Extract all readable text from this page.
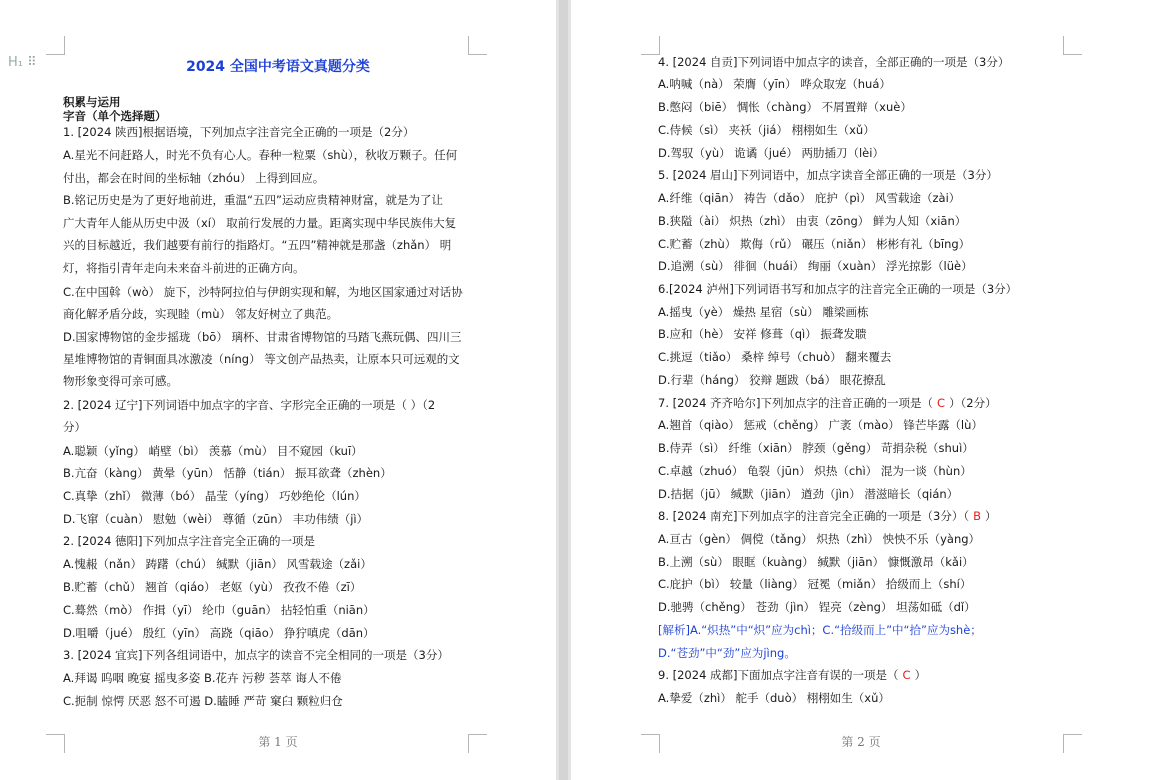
H₁ ⠿	2024 全国中考语文真题分类
积累与运用
字音（单个选择题）
1. [2024 陕西]根据语境，下列加点字注音完全正确的一项是（2分）
A.星光不问赶路人，时光不负有心人。春种一粒粟（shù），秋收万颗子。任何
付出，都会在时间的坐标轴（zhóu） 上得到回应。
B.铭记历史是为了更好地前进，重温“五四”运动应贵精神财富，就是为了让
广大青年人能从历史中汲（xí） 取前行发展的力量。距离实现中华民族伟大复
兴的目标越近，我们越要有前行的指路灯。“五四”精神就是那盏（zhǎn） 明
灯，将指引青年走向未来奋斗前进的正确方向。
C.在中国斡（wò） 旋下，沙特阿拉伯与伊朗实现和解，为地区国家通过对话协
商化解矛盾分歧，实现睦（mù） 邻友好树立了典范。
D.国家博物馆的金步摇珑（bō） 璃杯、甘肃省博物馆的马踏飞燕玩偶、四川三
星堆博物馆的青铜面具冰激凌（níng） 等文创产品热卖，让原本只可远观的文
物形象变得可亲可感。
2. [2024 辽宁]下列词语中加点字的字音、字形完全正确的一项是（ ）（2
分）
A.聪颖（yǐng） 峭壁（bì） 羡慕（mù） 目不窥园（kuī）
B.亢奋（kàng） 黄晕（yūn） 恬静（tián） 振耳欲聋（zhèn）
C.真挚（zhǐ） 微薄（bó） 晶莹（yíng） 巧妙绝伦（lún）
D.飞窜（cuàn） 慰勉（wèi） 尊循（zūn） 丰功伟绩（jì）
2. [2024 德阳]下列加点字注音完全正确的一项是
A.愧赧（nǎn） 踌躇（chú） 缄默（jiān） 风雪载途（zǎi）
B.贮蓄（chǔ） 翘首（qiáo） 老妪（yù） 孜孜不倦（zī）
C.蓦然（mò） 作揖（yī） 纶巾（guān） 拈轻怕重（niān）
D.咀嚼（jué） 殷红（yīn） 高跷（qiāo） 狰狞嗔虎（dān）
3. [2024 宜宾]下列各组词语中，加点字的读音不完全相同的一项是（3分）
A.拜谒 呜咽 晚宴 摇曳多姿 B.花卉 污秽 荟萃 诲人不倦
C.扼制 惊愕 厌恶 怒不可遏 D.瞌睡 严苛 窠臼 颗粒归仓
第 1 页
4. [2024 自贡]下列词语中加点字的读音，全部正确的一项是（3分）
A.呐喊（nà） 荣膺（yīn） 哗众取宠（huá）
B.憋闷（biē） 惆怅（chàng） 不屑置辩（xuè）
C.侍候（sì） 夹袄（jiá） 栩栩如生（xǔ）
D.驾驭（yù） 诡谲（jué） 两肋插刀（lèi）
5. [2024 眉山]下列词语中，加点字读音全部正确的一项是（3分）
A.纤维（qiān） 祷告（dǎo） 庇护（pì） 风雪载途（zài）
B.狭隘（ài） 炽热（zhì） 由衷（zōng） 鲜为人知（xiān）
C.贮蓄（zhù） 欺侮（rǔ） 碾压（niǎn） 彬彬有礼（bīng）
D.追溯（sù） 徘徊（huái） 绚丽（xuàn） 浮光掠影（lüè）
6.[2024 泸州]下列词语书写和加点字的注音完全正确的一项是（3分）
A.摇曳（yè） 燥热 星宿（sù） 雕梁画栋
B.应和（hè） 安祥 修葺（qì） 振聋发聩
C.挑逗（tiǎo） 桑梓 绰号（chuò） 翻来覆去
D.行辈（háng） 狡辩 题跋（bá） 眼花撩乱
7. [2024 齐齐哈尔]下列加点字的注音正确的一项是（ C ）（2分）
A.翘首（qiào） 惩戒（chěng） 广袤（mào） 锋芒毕露（lù）
B.侍弄（sì） 纤维（xiān） 脖颈（gěng） 苛捐杂税（shuì）
C.卓越（zhuó） 龟裂（jūn） 炽热（chì） 混为一谈（hùn）
D.拮据（jū） 缄默（jiān） 遒劲（jìn） 潜滋暗长（qián）
8. [2024 南充]下列加点字的注音完全正确的一项是（3分）（ B ）
A.亘古（gèn） 倜傥（tǎng） 炽热（zhì） 怏怏不乐（yàng）
B.上溯（sù） 眼眶（kuàng） 缄默（jiān） 慷慨激昂（kǎi）
C.庇护（bì） 较量（liàng） 冠冕（miǎn） 拾级而上（shí）
D.驰骋（chěng） 苍劲（jìn） 锃亮（zèng） 坦荡如砥（dǐ）
[解析]A.“炽热”中“炽”应为chì；C.“拾级而上”中“拾”应为shè；
D.“苍劲”中“劲”应为jìng。
9. [2024 成都]下面加点字注音有误的一项是（ C ）
A.挚爱（zhì） 舵手（duò） 栩栩如生（xǔ）
第 2 页
